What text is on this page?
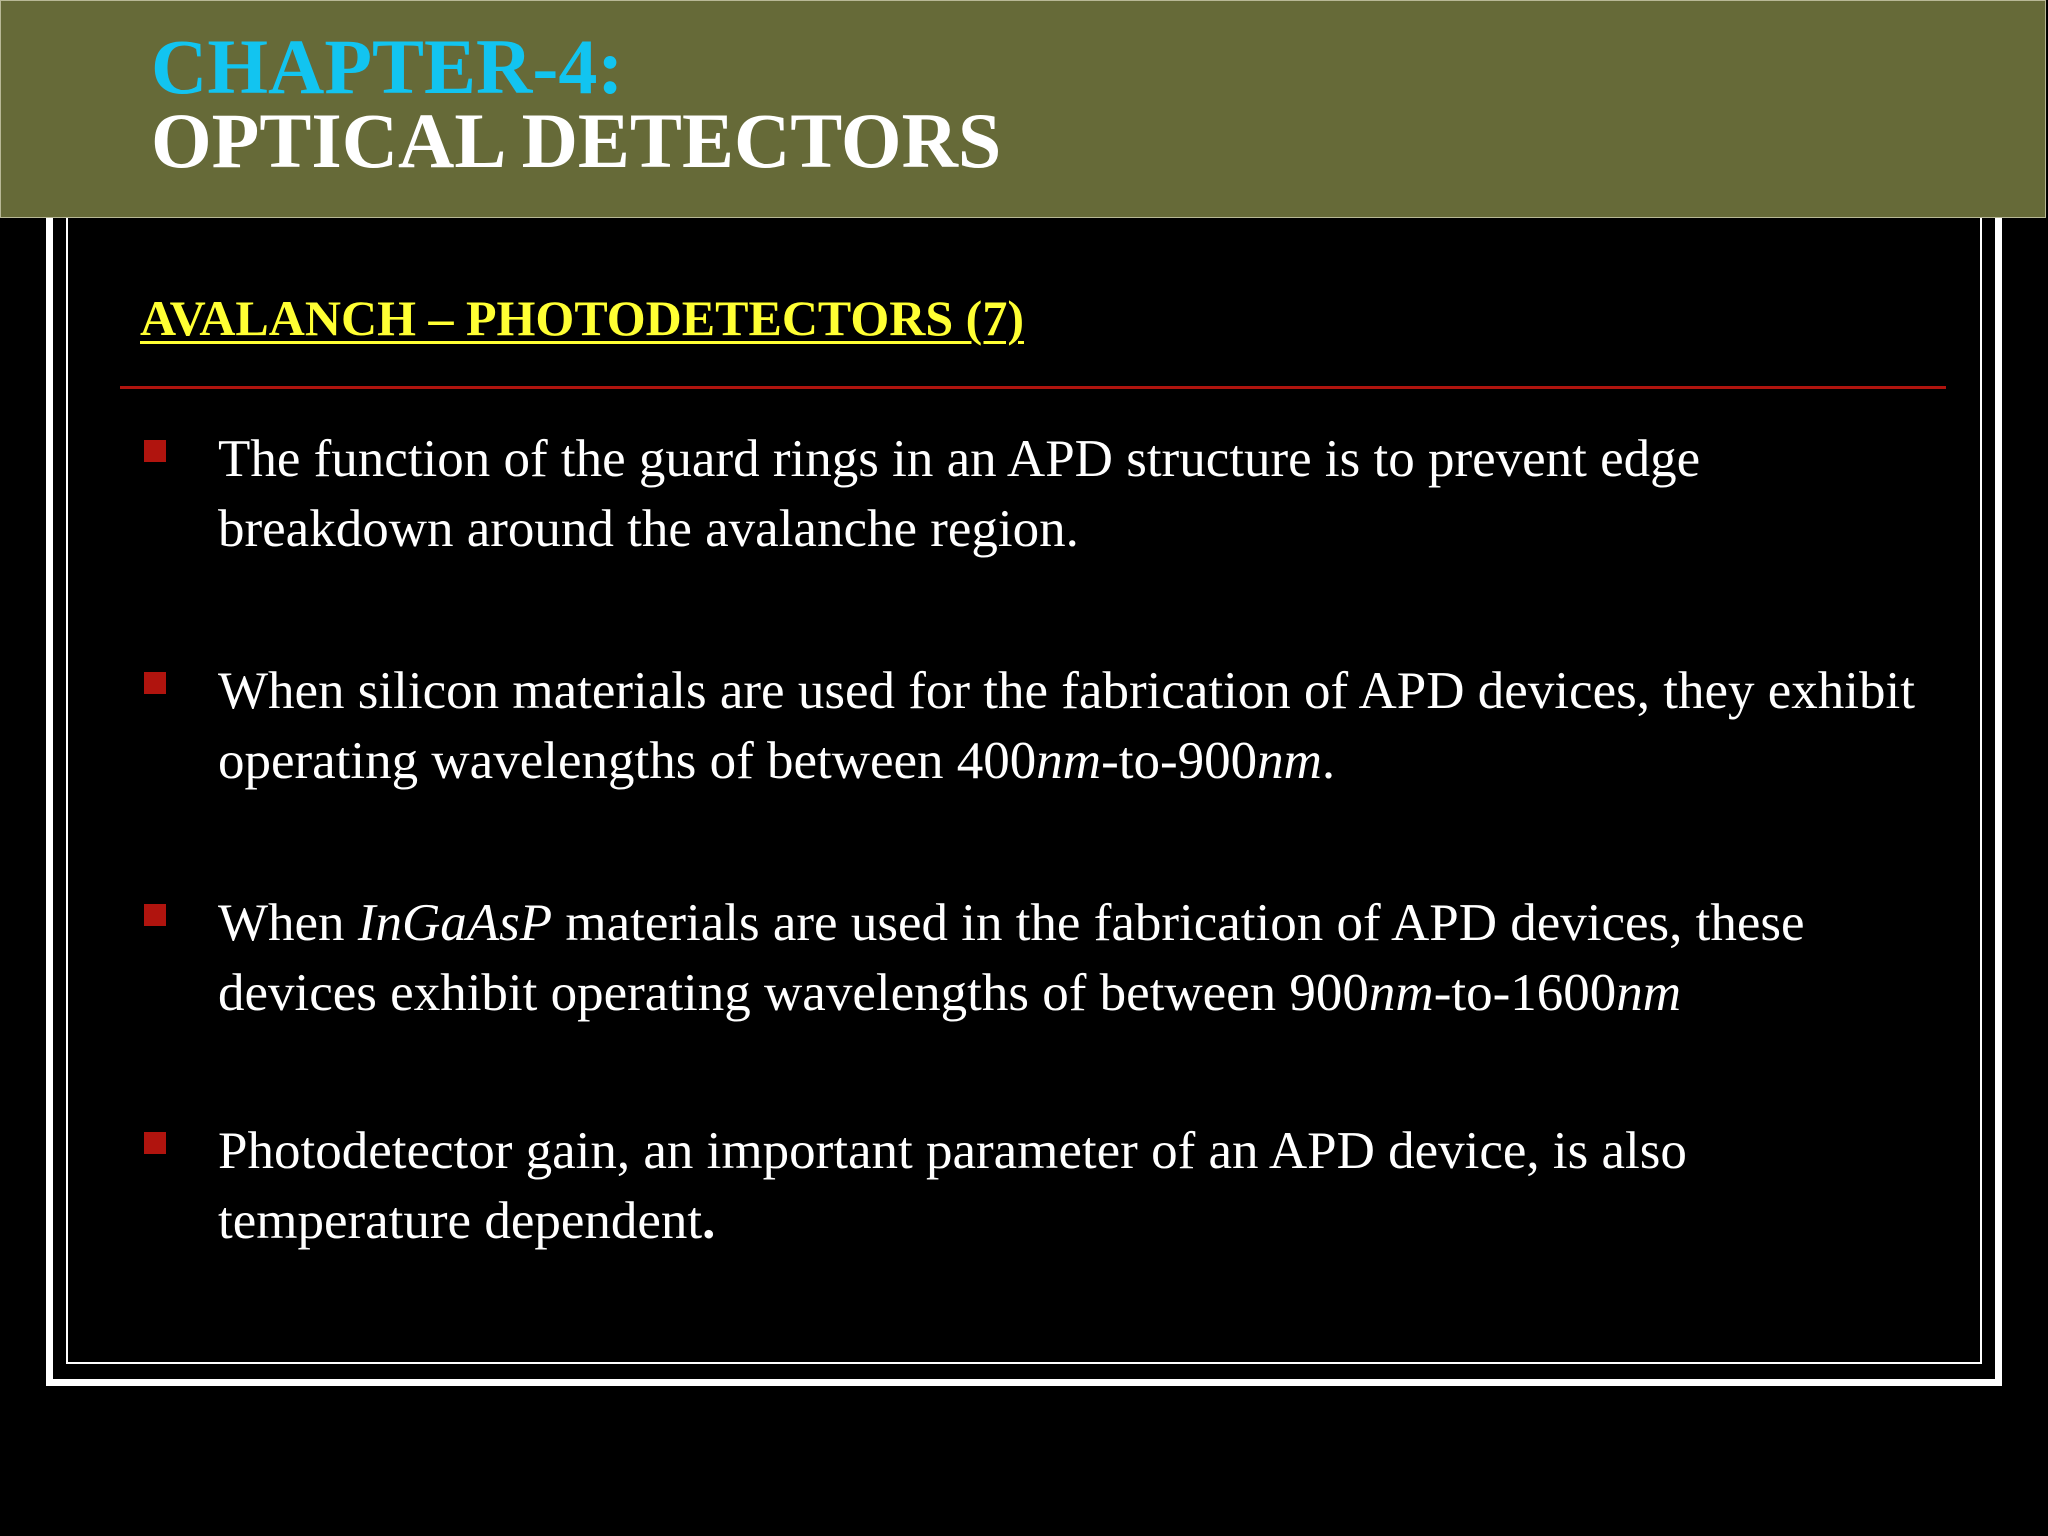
CHAPTER-4:
OPTICAL DETECTORS
AVALANCH – PHOTODETECTORS (7)

The function of the guard rings in an APD structure is to prevent edge breakdown around the avalanche region.

When silicon materials are used for the fabrication of APD devices, they exhibit operating wavelengths of between 400nm-to-900nm.

When InGaAsP materials are used in the fabrication of APD devices, these devices exhibit operating wavelengths of between 900nm-to-1600nm

Photodetector gain, an important parameter of an APD device, is also temperature dependent.
